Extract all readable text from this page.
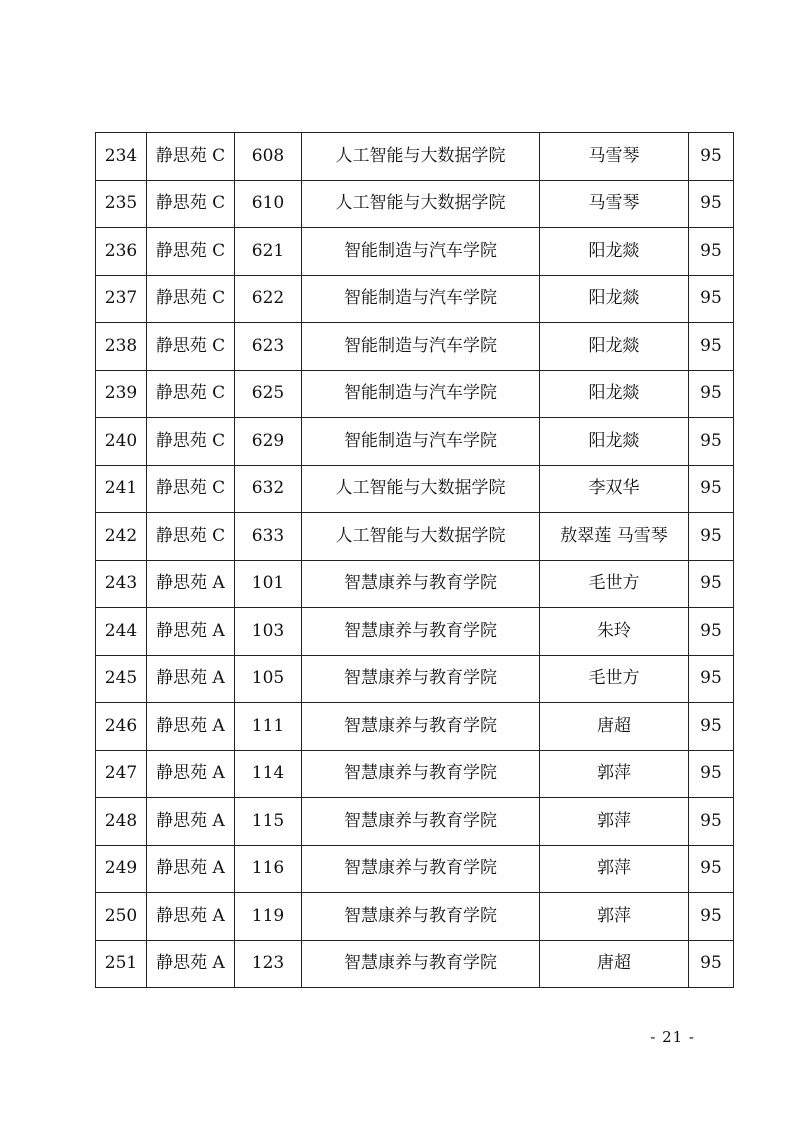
234	静思苑 C	608	人工智能与大数据学院	马雪琴	95
235	静思苑 C	610	人工智能与大数据学院	马雪琴	95
236	静思苑 C	621	智能制造与汽车学院	阳龙燚	95
237	静思苑 C	622	智能制造与汽车学院	阳龙燚	95
238	静思苑 C	623	智能制造与汽车学院	阳龙燚	95
239	静思苑 C	625	智能制造与汽车学院	阳龙燚	95
240	静思苑 C	629	智能制造与汽车学院	阳龙燚	95
241	静思苑 C	632	人工智能与大数据学院	李双华	95
242	静思苑 C	633	人工智能与大数据学院	敖翠莲 马雪琴	95
243	静思苑 A	101	智慧康养与教育学院	毛世方	95
244	静思苑 A	103	智慧康养与教育学院	朱玲	95
245	静思苑 A	105	智慧康养与教育学院	毛世方	95
246	静思苑 A	111	智慧康养与教育学院	唐超	95
247	静思苑 A	114	智慧康养与教育学院	郭萍	95
248	静思苑 A	115	智慧康养与教育学院	郭萍	95
249	静思苑 A	116	智慧康养与教育学院	郭萍	95
250	静思苑 A	119	智慧康养与教育学院	郭萍	95
251	静思苑 A	123	智慧康养与教育学院	唐超	95
- 21 -
